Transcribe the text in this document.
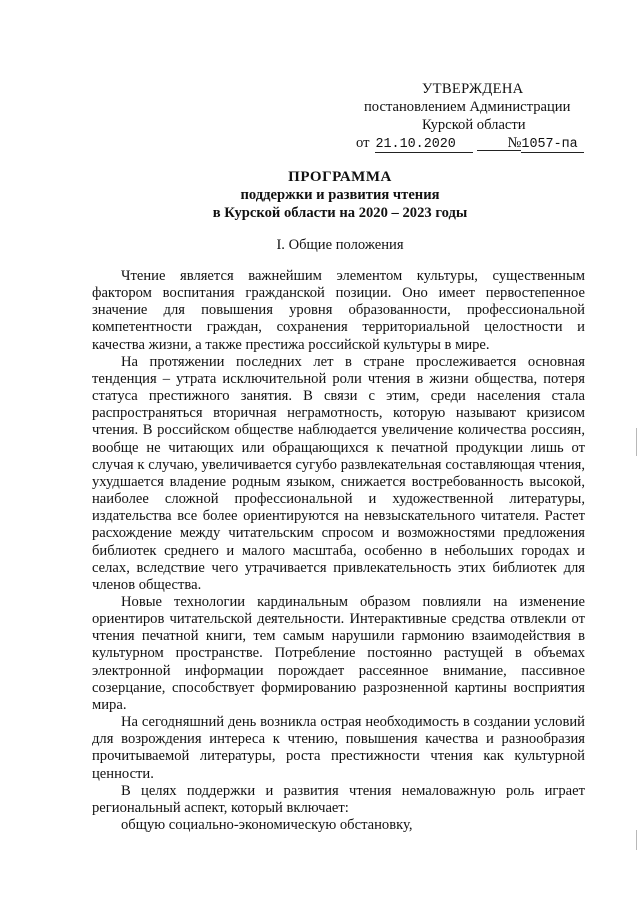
УТВЕРЖДЕНА
постановлением Администрации
Курской области
от 21.10.2020	№ 1057-па
ПРОГРАММА
поддержки и развития чтения
в Курской области на 2020 – 2023 годы
I. Общие положения

Чтение является важнейшим элементом культуры, существенным фактором воспитания гражданской позиции. Оно имеет первостепенное значение для повышения уровня образованности, профессиональной компетентности граждан, сохранения территориальной целостности и качества жизни, а также престижа российской культуры в мире.

На протяжении последних лет в стране прослеживается основная тенденция – утрата исключительной роли чтения в жизни общества, потеря статуса престижного занятия. В связи с этим, среди населения стала распространяться вторичная неграмотность, которую называют кризисом чтения. В российском обществе наблюдается увеличение количества россиян, вообще не читающих или обращающихся к печатной продукции лишь от случая к случаю, увеличивается сугубо развлекательная составляющая чтения, ухудшается владение родным языком, снижается востребованность высокой, наиболее сложной профессиональной и художественной литературы, издательства все более ориентируются на невзыскательного читателя. Растет расхождение между читательским спросом и возможностями предложения библиотек среднего и малого масштаба, особенно в небольших городах и селах, вследствие чего утрачивается привлекательность этих библиотек для членов общества.

Новые технологии кардинальным образом повлияли на изменение ориентиров читательской деятельности. Интерактивные средства отвлекли от чтения печатной книги, тем самым нарушили гармонию взаимодействия в культурном пространстве. Потребление постоянно растущей в объемах электронной информации порождает рассеянное внимание, пассивное созерцание, способствует формированию разрозненной картины восприятия мира.

На сегодняшний день возникла острая необходимость в создании условий для возрождения интереса к чтению, повышения качества и разнообразия прочитываемой литературы, роста престижности чтения как культурной ценности.

В целях поддержки и развития чтения немаловажную роль играет региональный аспект, который включает:

общую социально-экономическую обстановку,
